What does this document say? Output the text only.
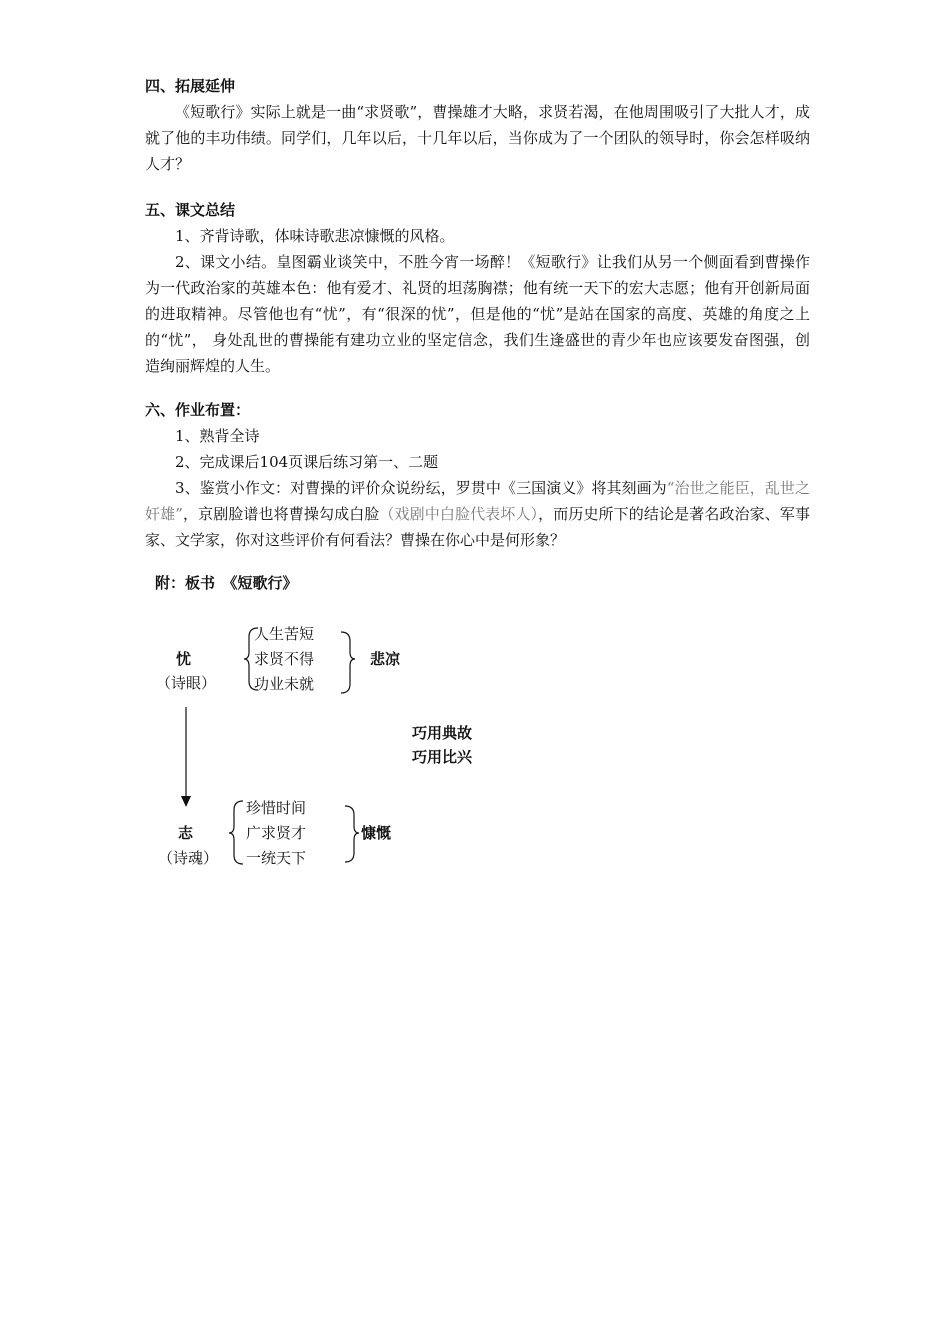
四、拓展延伸
《短歌行》实际上就是一曲“求贤歌”，曹操雄才大略，求贤若渴，在他周围吸引了大批人才，成就了他的丰功伟绩。同学们，几年以后，十几年以后，当你成为了一个团队的领导时，你会怎样吸纳人才？
五、课文总结
1、齐背诗歌，体味诗歌悲凉慷慨的风格。
2、课文小结。皇图霸业谈笑中，不胜今宵一场醉！《短歌行》让我们从另一个侧面看到曹操作为一代政治家的英雄本色：他有爱才、礼贤的坦荡胸襟；他有统一天下的宏大志愿；他有开创新局面的进取精神。尽管他也有“忧”，有“很深的忧”，但是他的“忧”是站在国家的高度、英雄的角度之上的“忧”， 身处乱世的曹操能有建功立业的坚定信念，我们生逢盛世的青少年也应该要发奋图强，创造绚丽辉煌的人生。
六、作业布置：
1、熟背全诗
2、完成课后104页课后练习第一、二题
3、鉴赏小作文：对曹操的评价众说纷纭，罗贯中《三国演义》将其刻画为“治世之能臣，乱世之奸雄”，京剧脸谱也将曹操勾成白脸（戏剧中白脸代表坏人），而历史所下的结论是著名政治家、军事家、文学家，你对这些评价有何看法？曹操在你心中是何形象？
附：板书　《短歌行》
忧
（诗眼）
人生苦短
求贤不得
功业未就
悲凉
巧用典故
巧用比兴
志
（诗魂）
珍惜时间
广求贤才
一统天下
慷慨
